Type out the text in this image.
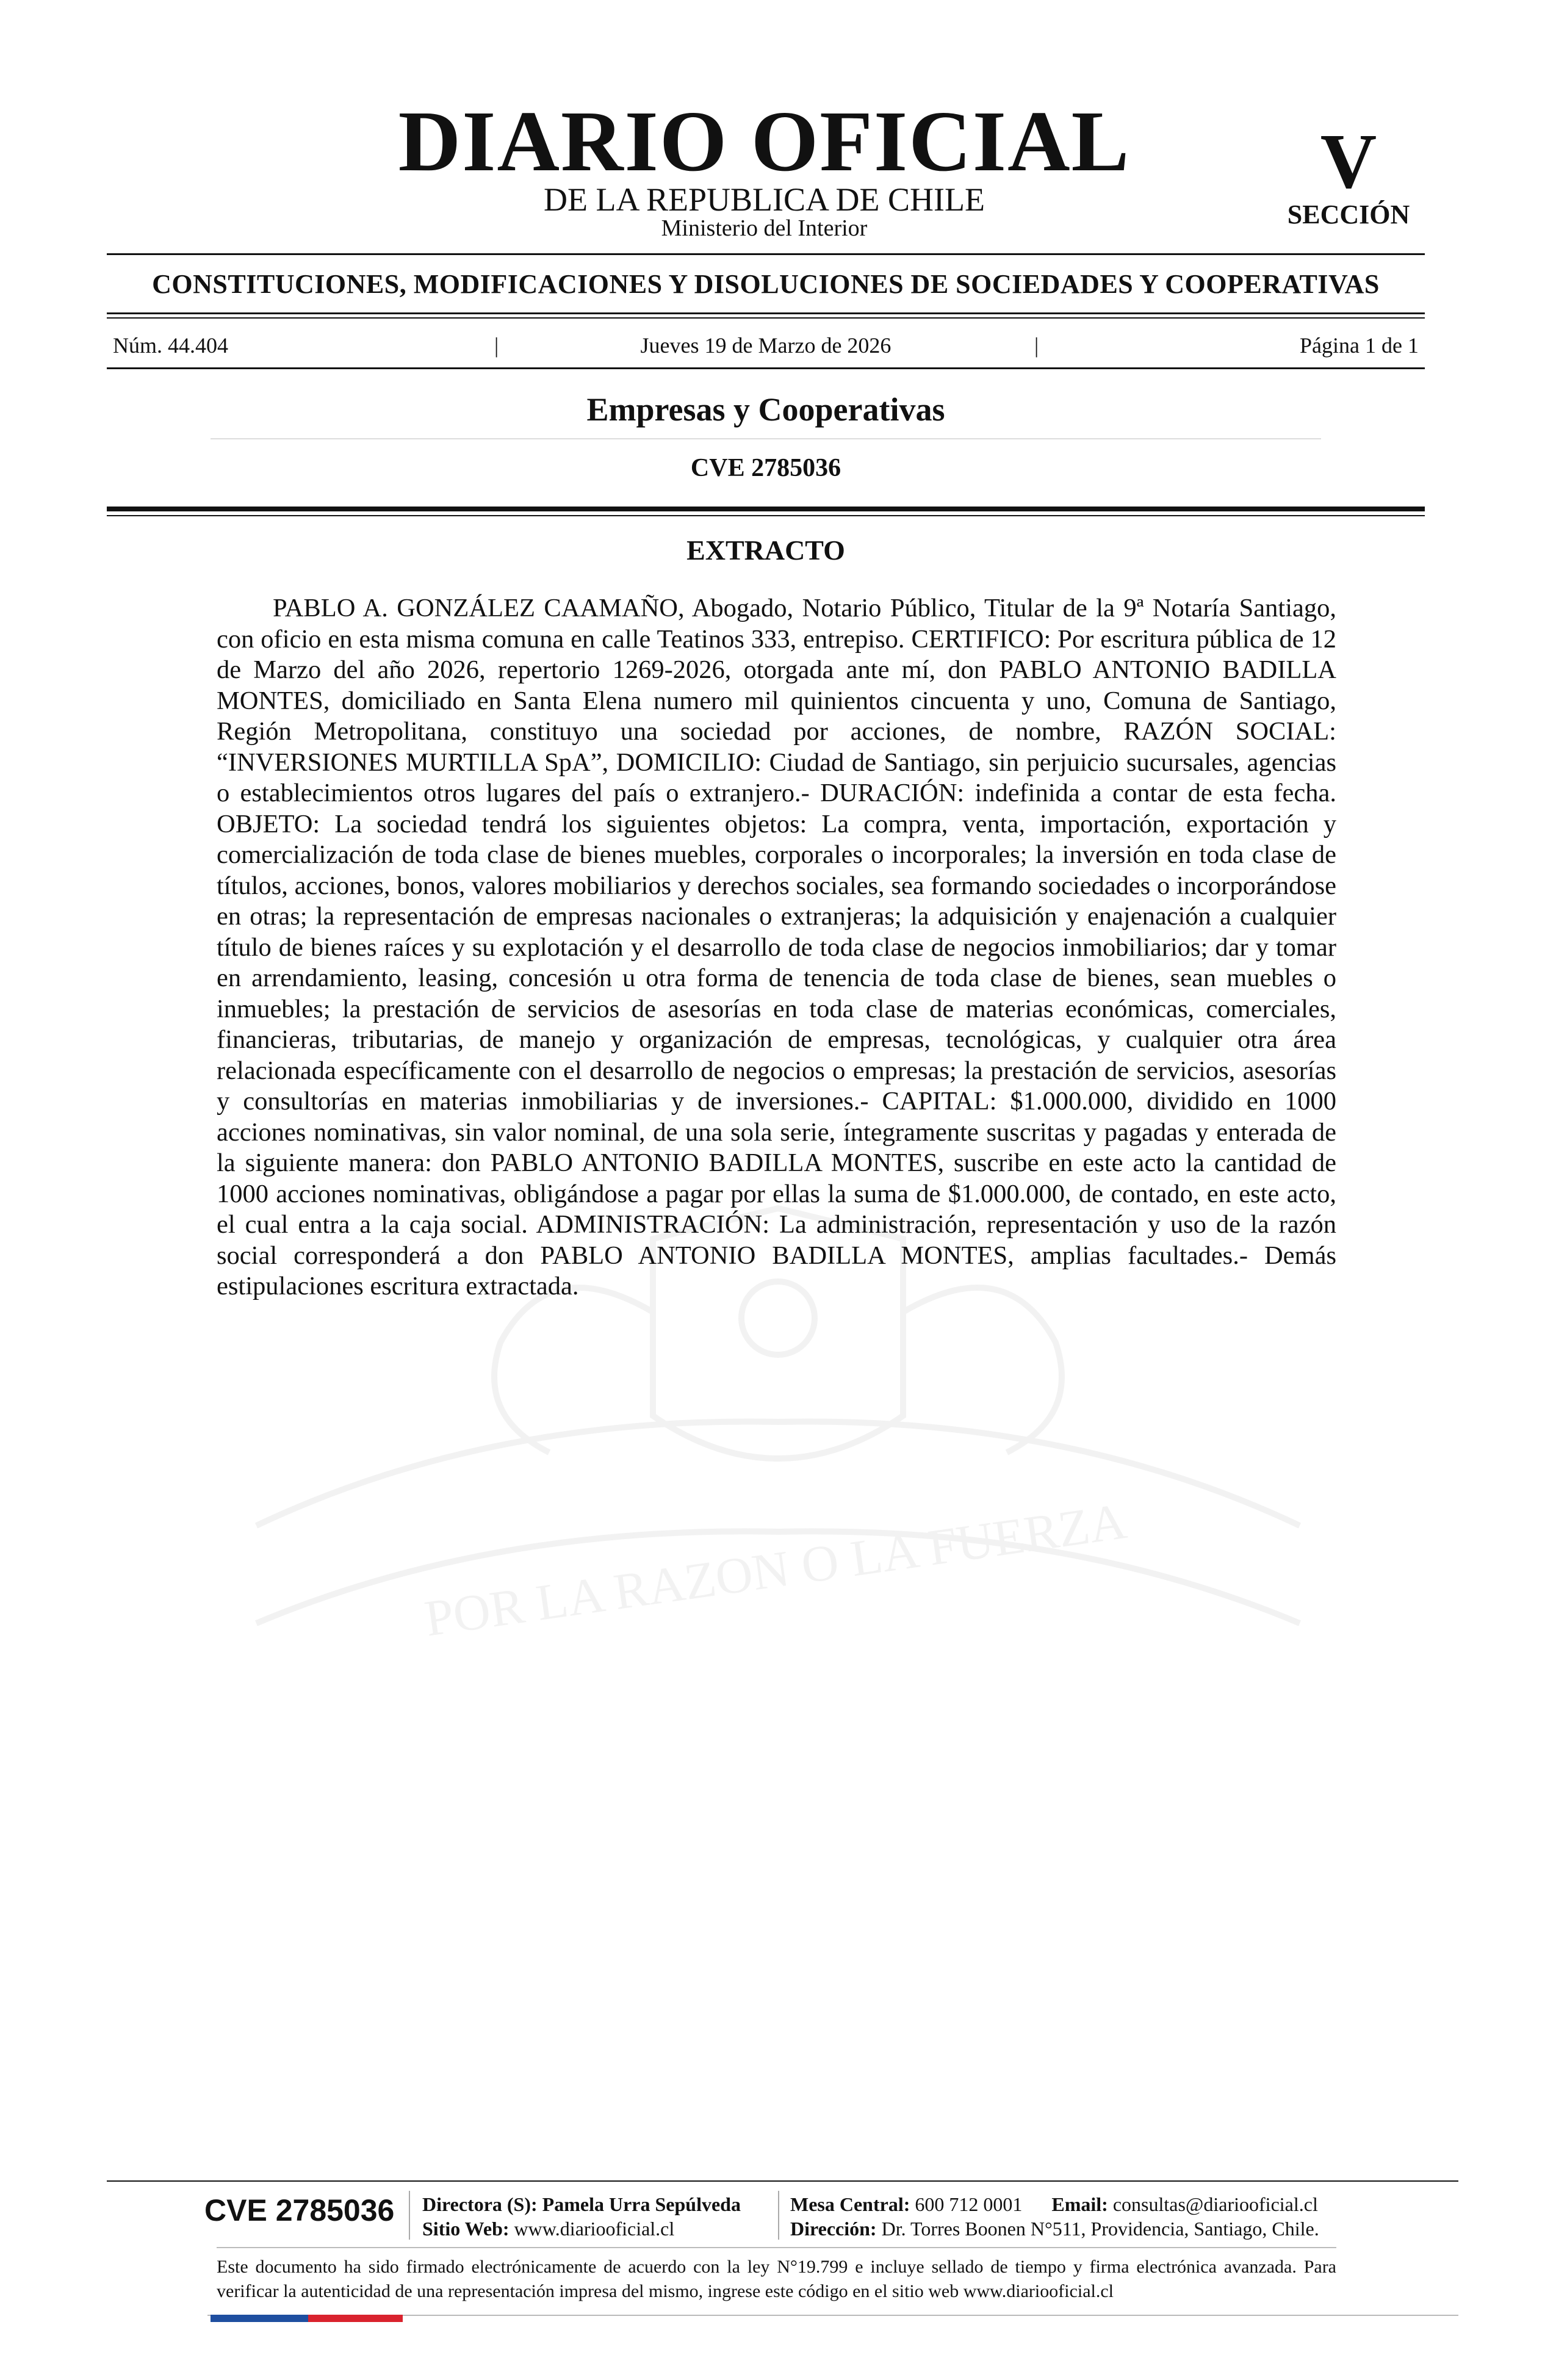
POR LA RAZON O LA FUERZA
DIARIO OFICIAL
DE LA REPUBLICA DE CHILE
Ministerio del Interior
V
SECCIÓN
CONSTITUCIONES, MODIFICACIONES Y DISOLUCIONES DE SOCIEDADES Y COOPERATIVAS
Núm. 44.404	|	Jueves 19 de Marzo de 2026	|	Página 1 de 1
Empresas y Cooperativas
CVE 2785036
EXTRACTO

PABLO A. GONZÁLEZ CAAMAÑO, Abogado, Notario Público, Titular de la 9ª Notaría Santiago, con oficio en esta misma comuna en calle Teatinos 333, entrepiso. CERTIFICO: Por escritura pública de 12 de Marzo del año 2026, repertorio 1269-2026, otorgada ante mí, don PABLO ANTONIO BADILLA MONTES, domiciliado en Santa Elena numero mil quinientos cincuenta y uno, Comuna de Santiago, Región Metropolitana, constituyo una sociedad por acciones, de nombre, RAZÓN SOCIAL: “INVERSIONES MURTILLA SpA”, DOMICILIO: Ciudad de Santiago, sin perjuicio sucursales, agencias o establecimientos otros lugares del país o extranjero.- DURACIÓN: indefinida a contar de esta fecha. OBJETO: La sociedad tendrá los siguientes objetos: La compra, venta, importación, exportación y comercialización de toda clase de bienes muebles, corporales o incorporales; la inversión en toda clase de títulos, acciones, bonos, valores mobiliarios y derechos sociales, sea formando sociedades o incorporándose en otras; la representación de empresas nacionales o extranjeras; la adquisición y enajenación a cualquier título de bienes raíces y su explotación y el desarrollo de toda clase de negocios inmobiliarios; dar y tomar en arrendamiento, leasing, concesión u otra forma de tenencia de toda clase de bienes, sean muebles o inmuebles; la prestación de servicios de asesorías en toda clase de materias económicas, comerciales, financieras, tributarias, de manejo y organización de empresas, tecnológicas, y cualquier otra área relacionada específicamente con el desarrollo de negocios o empresas; la prestación de servicios, asesorías y consultorías en materias inmobiliarias y de inversiones.- CAPITAL: $1.000.000, dividido en 1000 acciones nominativas, sin valor nominal, de una sola serie, íntegramente suscritas y pagadas y enterada de la siguiente manera: don PABLO ANTONIO BADILLA MONTES, suscribe en este acto la cantidad de 1000 acciones nominativas, obligándose a pagar por ellas la suma de $1.000.000, de contado, en este acto, el cual entra a la caja social. ADMINISTRACIÓN: La administración, representación y uso de la razón social corresponderá a don PABLO ANTONIO BADILLA MONTES, amplias facultades.- Demás estipulaciones escritura extractada.

CVE 2785036 Directora (S): Pamela Urra Sepúlveda
Sitio Web: www.diariooficial.cl
Mesa Central: 600 712 0001 Email: consultas@diariooficial.cl
Dirección: Dr. Torres Boonen N°511, Providencia, Santiago, Chile.

Este documento ha sido firmado electrónicamente de acuerdo con la ley N°19.799 e incluye sellado de tiempo y firma electrónica avanzada. Para verificar la autenticidad de una representación impresa del mismo, ingrese este código en el sitio web www.diariooficial.cl
